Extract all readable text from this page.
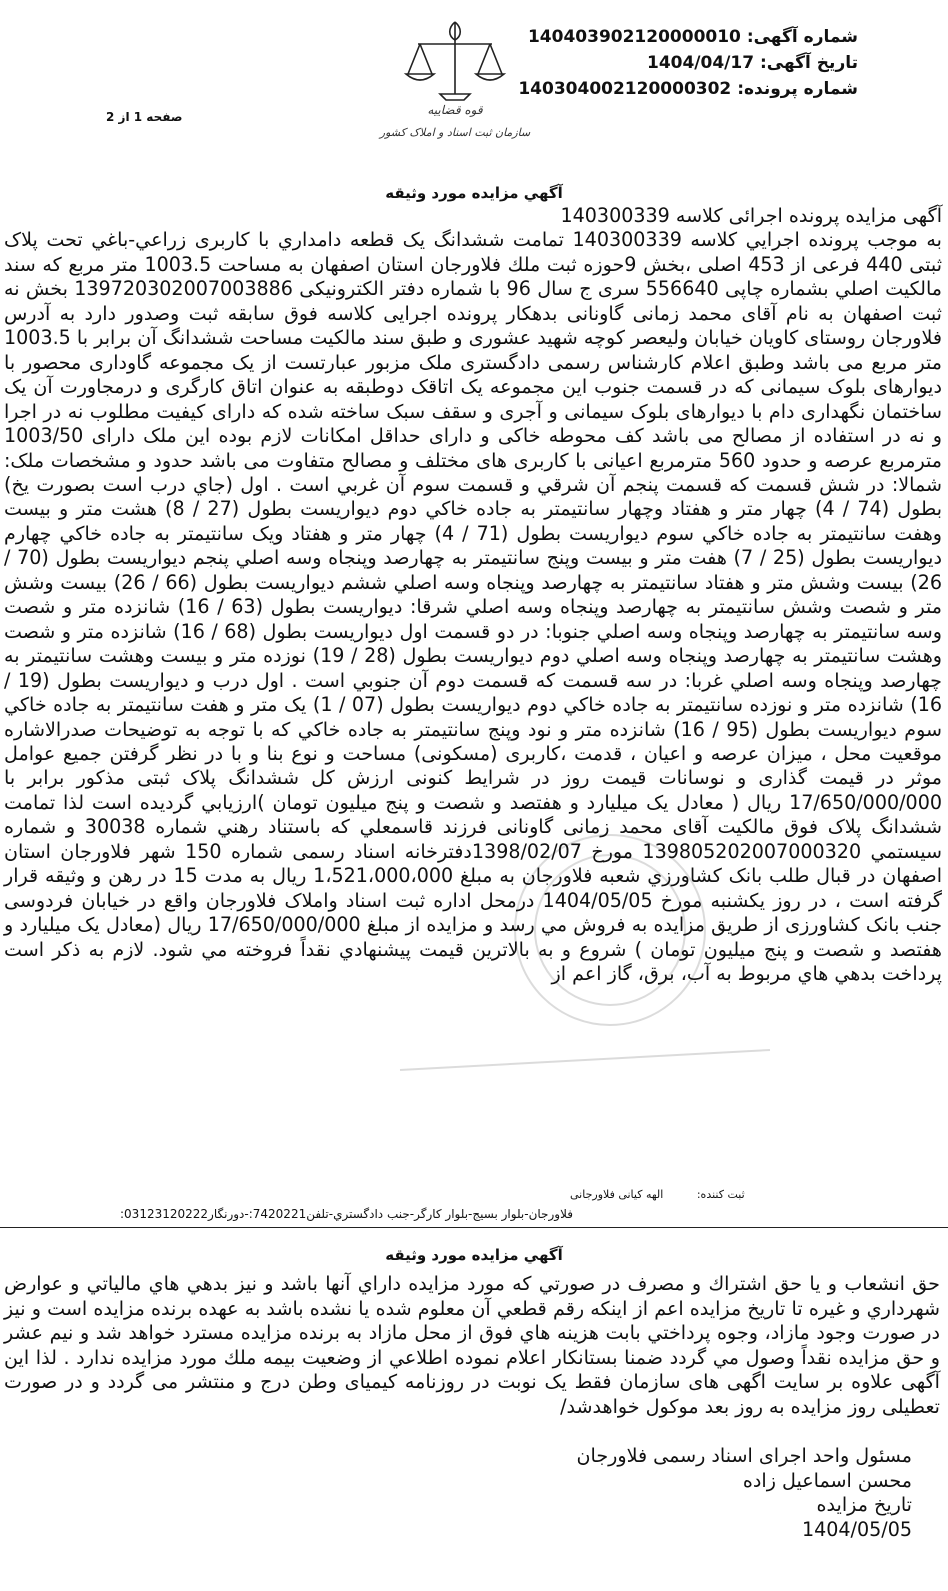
شماره آگهی: 140403902120000010
تاریخ آگهی: 1404/04/17
شماره پرونده: 140304002120000302
قوه قضاییه
سازمان ثبت اسناد و املاک کشور
صفحه 1 از 2
آگهي مزايده مورد وثيقه

آگهی مزایده پرونده اجرائی کلاسه 140300339

به موجب پرونده اجرايي كلاسه 140300339 تمامت ششدانگ يک قطعه دامداري با کاربری زراعي-باغي تحت پلاک ثبتی 440 فرعی از 453 اصلی ،بخش 9حوزه ثبت ملك فلاورجان استان اصفهان به مساحت 1003.5 متر مربع که سند مالکيت اصلي بشماره چاپی 556640 سری ج سال 96 با شماره دفتر الکترونیکی 139720302007003886 بخش نه ثبت اصفهان به نام آقای محمد زمانی گاونانی بدهکار پرونده اجرایی کلاسه فوق سابقه ثبت وصدور دارد به آدرس فلاورجان روستای کاویان خيابان وليعصر کوچه شهيد عشوری و طبق سند مالکیت مساحت ششدانگ آن برابر با 1003.5 متر مربع می باشد وطبق اعلام کارشناس رسمی دادگستری ملک مزبور عبارتست از یک مجموعه گاوداری محصور با دیوارهای بلوک سیمانی که در قسمت جنوب این مجموعه یک اتاقک دوطبقه به عنوان اتاق کارگری و درمجاورت آن یک ساختمان نگهداری دام با دیوارهای بلوک سیمانی و آجری و سقف سبک ساخته شده که دارای کیفیت مطلوب نه در اجرا و نه در استفاده از مصالح می باشد کف محوطه خاکی و دارای حداقل امکانات لازم بوده این ملک دارای 1003/50 مترمربع عرصه و حدود 560 مترمربع اعیانی با کاربری های مختلف و مصالح متفاوت می باشد حدود و مشخصات ملک: شمالا: در شش قسمت که قسمت پنجم آن شرقي و قسمت سوم آن غربي است . اول (جاي درب است بصورت يخ) بطول (74 / 4) چهار متر و هفتاد وچهار سانتيمتر به جاده خاكي دوم ديواريست بطول (27 / 8) هشت متر و بيست وهفت سانتيمتر به جاده خاكي سوم ديواريست بطول (71 / 4) چهار متر و هفتاد ويک سانتيمتر به جاده خاكي چهارم ديواريست بطول (25 / 7) هفت متر و بيست وپنج سانتيمتر به چهارصد وپنجاه وسه اصلي پنجم ديواريست بطول (70 / 26) بيست وشش متر و هفتاد سانتيمتر به چهارصد وپنجاه وسه اصلي ششم ديواريست بطول (66 / 26) بيست وشش متر و شصت وشش سانتيمتر به چهارصد وپنجاه وسه اصلي شرقا: ديواريست بطول (63 / 16) شانزده متر و شصت وسه سانتيمتر به چهارصد وپنجاه وسه اصلي جنوبا: در دو قسمت اول ديواريست بطول (68 / 16) شانزده متر و شصت وهشت سانتيمتر به چهارصد وپنجاه وسه اصلي دوم ديواريست بطول (28 / 19) نوزده متر و بيست وهشت سانتيمتر به چهارصد وپنجاه وسه اصلي غربا: در سه قسمت كه قسمت دوم آن جنوبي است . اول درب و ديواريست بطول (19 / 16) شانزده متر و نوزده سانتيمتر به جاده خاكي دوم ديواريست بطول (07 / 1) يک متر و هفت سانتيمتر به جاده خاكي سوم ديواريست بطول (95 / 16) شانزده متر و نود وپنج سانتيمتر به جاده خاكي که با توجه به توضیحات صدرالاشاره موقعیت محل ، میزان عرصه و اعیان ، قدمت ،کاربری (مسکونی) مساحت و نوع بنا و با در نظر گرفتن جمیع عوامل موثر در قیمت گذاری و نوسانات قیمت روز در شرایط کنونی ارزش کل ششدانگ پلاک ثبتی مذکور برابر با 17/650/000/000 ریال ( معادل یک میلیارد و هفتصد و شصت و پنج میلیون تومان )ارزيابي گرديده است لذا تمامت ششدانگ پلاک فوق مالکيت آقای محمد زمانی گاونانی فرزند قاسمعلي که باستناد رهني شماره 30038 و شماره سيستمي 139805202007000320 مورخ 1398/02/07دفترخانه اسناد رسمی شماره 150 شهر فلاورجان استان اصفهان در قبال طلب بانک کشاورزي شعبه فلاورجان به مبلغ 1،521،000،000 ریال به مدت 15 در رهن و وثيقه قرار گرفته است ، در روز يکشنبه مورخ 1404/05/05 درمحل اداره ثبت اسناد واملاک فلاورجان واقع در خیابان فردوسی جنب بانک کشاورزی از طريق مزايده به فروش مي رسد و مزايده از مبلغ 17/650/000/000 ريال (معادل یک میلیارد و هفتصد و شصت و پنج میلیون تومان ) شروع و به بالاترين قيمت پيشنهادي نقداً فروخته مي شود. لازم به ذکر است پرداخت بدهي هاي مربوط به آب، برق، گاز اعم از

ثبت کننده: الهه کیانی فلاورجانی
فلاورجان-بلوار بسیج-بلوار کارگر-جنب دادگستري-تلفن7420221:-دورنگار03123120222:
آگهي مزايده مورد وثيقه
حق انشعاب و يا حق اشتراك و مصرف در صورتي كه مورد مزايده داراي آنها باشد و نيز بدهي هاي مالياتي و عوارض شهرداري و غيره تا تاريخ مزايده اعم از اينكه رقم قطعي آن معلوم شده يا نشده باشد به عهده برنده مزايده است و نيز در صورت وجود مازاد، وجوه پرداختي بابت هزينه هاي فوق از محل مازاد به برنده مزايده مسترد خواهد شد و نيم عشر و حق مزايده نقداً وصول مي گردد ضمنا بستانكار اعلام نموده اطلاعي از وضعيت بيمه ملك مورد مزايده ندارد . لذا این آگهی علاوه بر سایت اگهی های سازمان فقط یک نوبت در روزنامه کیمیای وطن درج و منتشر می گردد و در صورت تعطیلی روز مزایده به روز بعد موکول خواهدشد/
مسئول واحد اجرای اسناد رسمی فلاورجان
محسن اسماعیل زاده
تاریخ مزایده
1404/05/05
